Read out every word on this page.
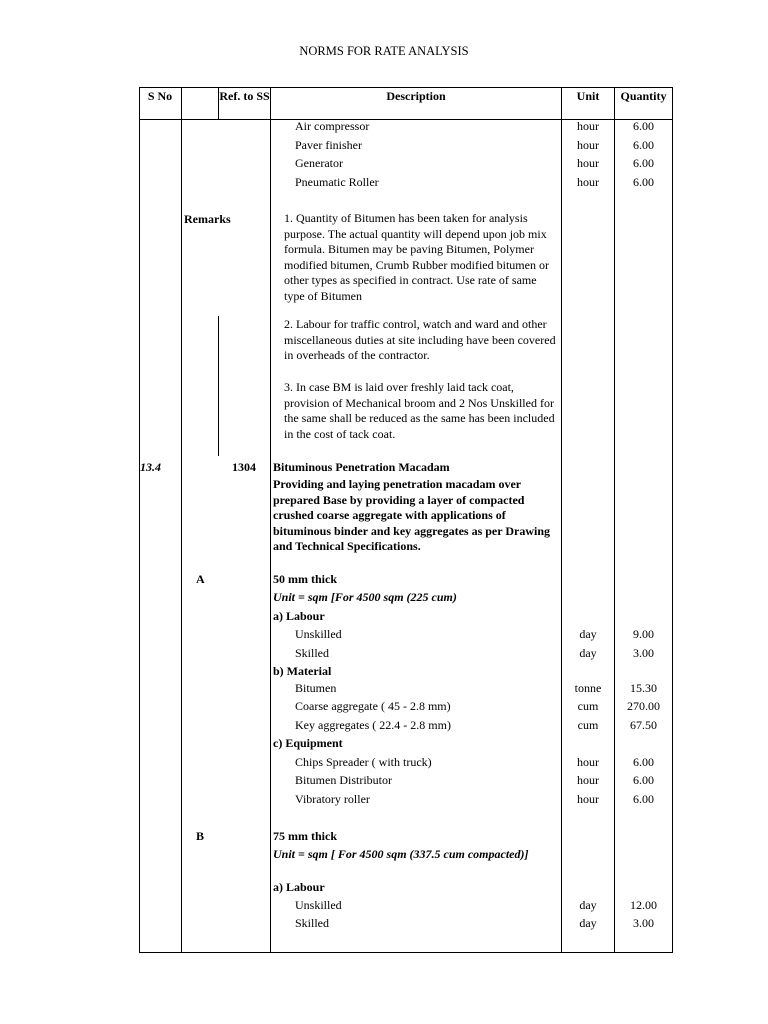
NORMS FOR RATE ANALYSIS
S No	Ref. to SS	Description	Unit	Quantity
Air compressor	hour	6.00
Paver finisher	hour	6.00
Generator	hour	6.00
Pneumatic Roller	hour	6.00
Remarks	1. Quantity of Bitumen has been taken for analysis purpose. The actual quantity will depend upon job mix formula. Bitumen may be paving Bitumen, Polymer modified bitumen, Crumb Rubber modified bitumen or other types as specified in contract. Use rate of same type of Bitumen
2. Labour for traffic control, watch and ward and other miscellaneous duties at site including have been covered in overheads of the contractor.
3. In case BM is laid over freshly laid tack coat, provision of Mechanical broom and 2 Nos Unskilled for the same shall be reduced as the same has been included in the cost of tack coat.
13.4	1304 Bituminous Penetration Macadam
Providing and laying penetration macadam over prepared Base by providing a layer of compacted crushed coarse aggregate with applications of bituminous binder and key aggregates as per Drawing and Technical Specifications.
A	50 mm thick
Unit = sqm [For 4500 sqm (225 cum)
a) Labour
Unskilled	day	9.00
Skilled	day	3.00
b) Material
Bitumen	tonne	15.30
Coarse aggregate ( 45 - 2.8 mm)	cum	270.00
Key aggregates ( 22.4 - 2.8 mm)	cum	67.50
c) Equipment
Chips Spreader ( with truck)	hour	6.00
Bitumen Distributor	hour	6.00
Vibratory roller	hour	6.00
B	75 mm thick
Unit = sqm [ For 4500 sqm (337.5 cum compacted)]
a) Labour
Unskilled	day	12.00
Skilled	day	3.00
